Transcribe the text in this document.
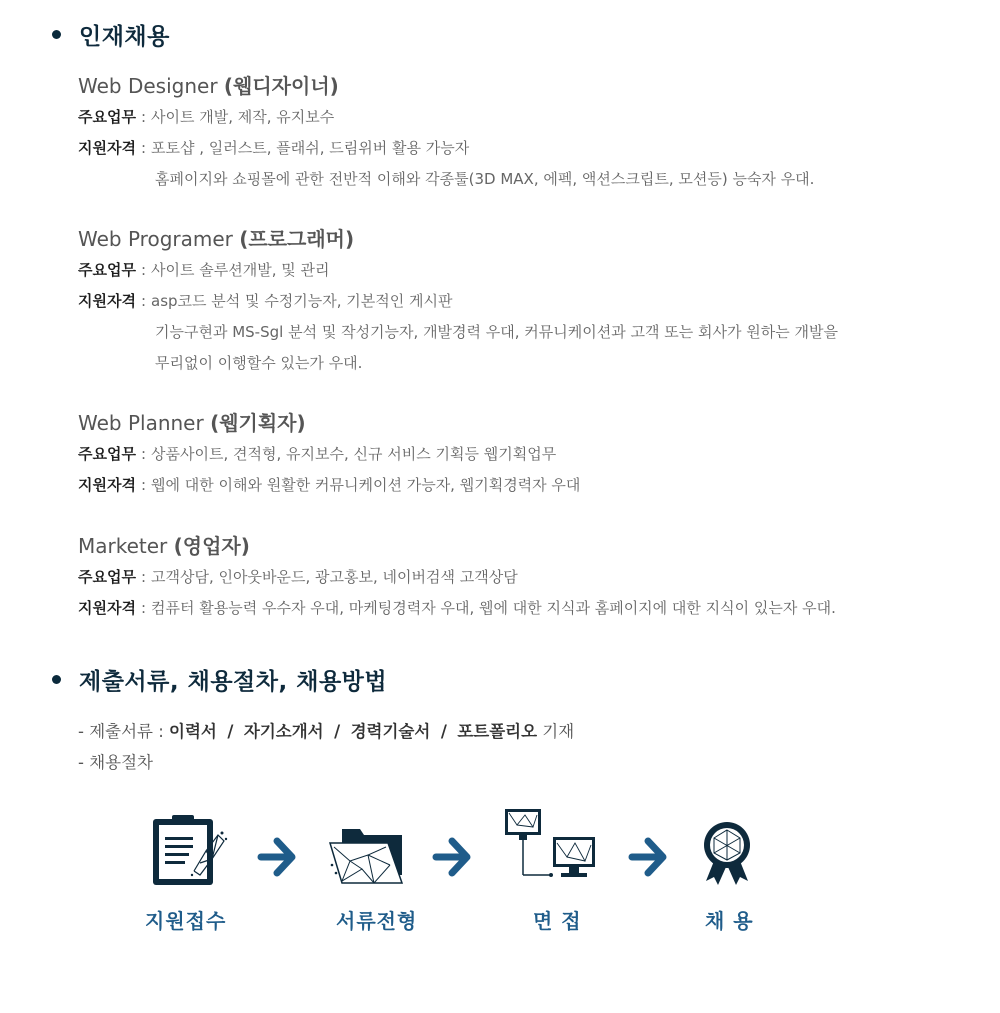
인재채용
Web Designer (웹디자이너)
주요업무 : 사이트 개발, 제작, 유지보수
지원자격 : 포토샵 , 일러스트, 플래쉬, 드림위버 활용 가능자
홈페이지와 쇼핑몰에 관한 전반적 이해와 각종툴(3D MAX, 에펙, 액션스크립트, 모션등) 능숙자 우대.
Web Programer (프로그래머)
주요업무 : 사이트 솔루션개발, 및 관리
지원자격 : asp코드 분석 및 수정기능자, 기본적인 게시판
기능구현과 MS-Sgl 분석 및 작성기능자, 개발경력 우대, 커뮤니케이션과 고객 또는 회사가 원하는 개발을
무리없이 이행할수 있는가 우대.
Web Planner (웹기획자)
주요업무 : 상품사이트, 견적형, 유지보수, 신규 서비스 기획등 웹기획업무
지원자격 : 웹에 대한 이해와 원활한 커뮤니케이션 가능자, 웹기획경력자 우대
Marketer (영업자)
주요업무 : 고객상담, 인아웃바운드, 광고홍보, 네이버검색 고객상담
지원자격 : 컴퓨터 활용능력 우수자 우대, 마케팅경력자 우대, 웹에 대한 지식과 홈페이지에 대한 지식이 있는자 우대.
제출서류, 채용절차, 채용방법
- 제출서류 : 이력서 / 자기소개서 / 경력기술서 / 포트폴리오 기재
- 채용절차
지원접수	서류전형	면 접	채 용
